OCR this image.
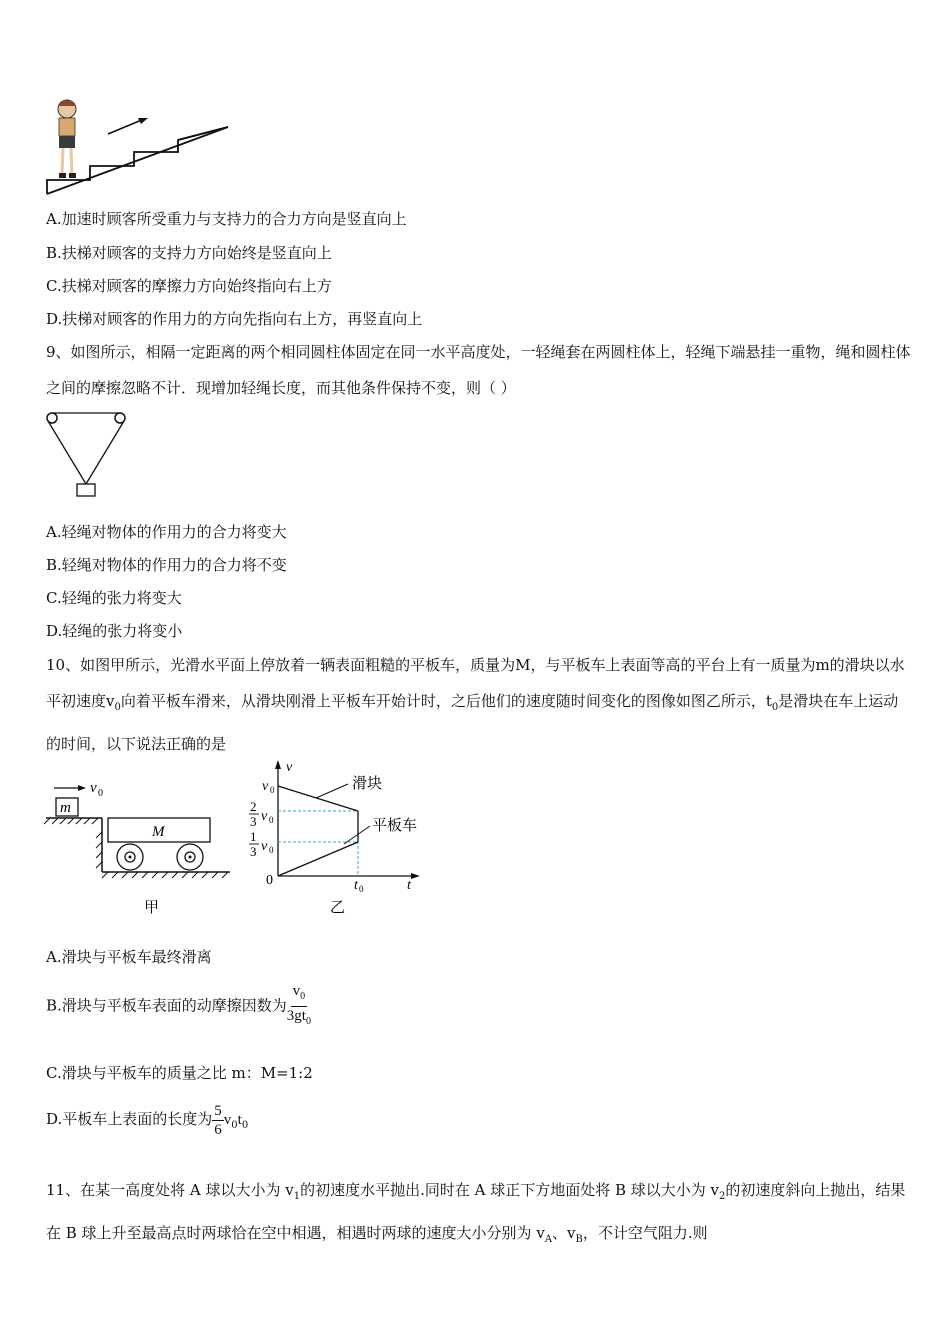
A.加速时顾客所受重力与支持力的合力方向是竖直向上
B.扶梯对顾客的支持力方向始终是竖直向上
C.扶梯对顾客的摩擦力方向始终指向右上方
D.扶梯对顾客的作用力的方向先指向右上方，再竖直向上
9、如图所示，相隔一定距离的两个相同圆柱体固定在同一水平高度处，一轻绳套在两圆柱体上，轻绳下端悬挂一重物，绳和圆柱体之间的摩擦忽略不计．现增加轻绳长度，而其他条件保持不变，则（ ）
A.轻绳对物体的作用力的合力将变大
B.轻绳对物体的作用力的合力将不变
C.轻绳的张力将变大
D.轻绳的张力将变小
10、如图甲所示，光滑水平面上停放着一辆表面粗糙的平板车，质量为M，与平板车上表面等高的平台上有一质量为m的滑块以水平初速度$v_0$向着平板车滑来，从滑块刚滑上平板车开始计时，之后他们的速度随时间变化的图像如图乙所示，$t_0$是滑块在车上运动的时间，以下说法正确的是
v 0
m
M
甲
v
t
0
v 0
2
3 v 0
1
3 v 0
滑块
平板车
t 0
乙
A.滑块与平板车最终滑离
B.滑块与平板车表面的动摩擦因数为 $\frac{v_0}{3gt_0}$
C.滑块与平板车的质量之比 m：M=1:2
D.平板车上表面的长度为 $\frac{5}{6} v_0t_0$
11、在某一高度处将 A 球以大小为 $v_1$的初速度水平抛出.同时在 A 球正下方地面处将 B 球以大小为 $v_2$的初速度斜向上抛出，结果在 B 球上升至最高点时两球恰在空中相遇，相遇时两球的速度大小分别为 $v_A$、$v_B$，不计空气阻力.则
